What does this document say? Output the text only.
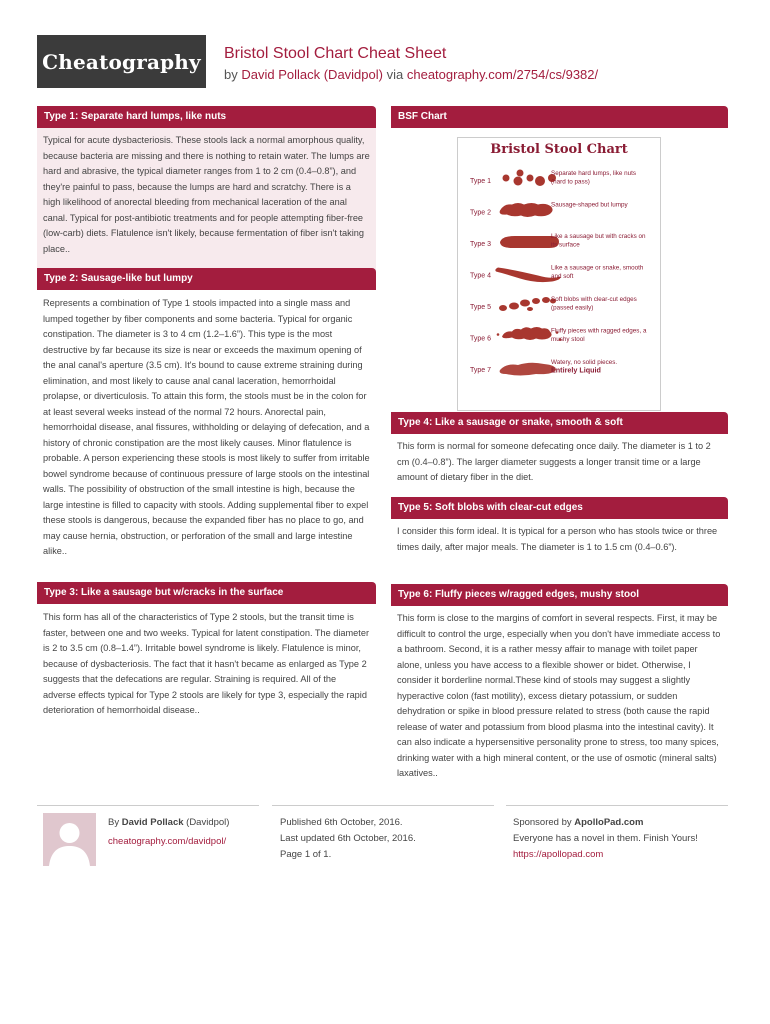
Cheatography	Bristol Stool Chart Cheat Sheet
by David Pollack (Davidpol) via cheatography.com/2754/cs/9382/
Type 1: Separate hard lumps, like nuts
Typical for acute dysbacteriosis. These stools lack a normal amorphous quality, because bacteria are missing and there is nothing to retain water. The lumps are hard and abrasive, the typical diameter ranges from 1 to 2 cm (0.4–0.8”), and they're painful to pass, because the lumps are hard and scratchy. There is a high likelihood of anorectal bleeding from mechanical laceration of the anal canal. Typical for post-antibiotic treatments and for people attempting fiber-free (low-carb) diets. Flatulence isn't likely, because fermentation of fiber isn't taking place..
Type 2: Sausage-like but lumpy
Represents a combination of Type 1 stools impacted into a single mass and lumped together by fiber components and some bacteria. Typical for organic constipation. The diameter is 3 to 4 cm (1.2–1.6”). This type is the most destructive by far because its size is near or exceeds the maximum opening of the anal canal's aperture (3.5 cm). It's bound to cause extreme straining during elimination, and most likely to cause anal canal laceration, hemorrhoidal prolapse, or diverticulosis. To attain this form, the stools must be in the colon for at least several weeks instead of the normal 72 hours. Anorectal pain, hemorrhoidal disease, anal fissures, withholding or delaying of defecation, and a history of chronic constipation are the most likely causes. Minor flatulence is probable. A person experiencing these stools is most likely to suffer from irritable bowel syndrome because of continuous pressure of large stools on the intestinal walls. The possibility of obstruction of the small intestine is high, because the large intestine is filled to capacity with stools. Adding supplemental fiber to expel these stools is dangerous, because the expanded fiber has no place to go, and may cause hernia, obstruction, or perforation of the small and large intestine alike..
Type 3: Like a sausage but w/cracks in the surface
This form has all of the characteristics of Type 2 stools, but the transit time is faster, between one and two weeks. Typical for latent constipation. The diameter is 2 to 3.5 cm (0.8–1.4”). Irritable bowel syndrome is likely. Flatulence is minor, because of dysbacteriosis. The fact that it hasn't became as enlarged as Type 2 suggests that the defecations are regular. Straining is required. All of the adverse effects typical for Type 2 stools are likely for type 3, especially the rapid deterioration of hemorrhoidal disease..
BSF Chart
Bristol Stool Chart
Type 1
Separate hard lumps, like nuts
(hard to pass)
Type 2
Sausage-shaped but lumpy
Type 3
Like a sausage but with cracks on
its surface
Type 4
Like a sausage or snake, smooth
and soft
Type 5
Soft blobs with clear-cut edges
(passed easily)
Type 6
Fluffy pieces with ragged edges, a
mushy stool
Type 7
Watery, no solid pieces.
Entirely Liquid
Type 4: Like a sausage or snake, smooth & soft
This form is normal for someone defecating once daily. The diameter is 1 to 2 cm (0.4–0.8”). The larger diameter suggests a longer transit time or a large amount of dietary fiber in the diet.
Type 5: Soft blobs with clear-cut edges
I consider this form ideal. It is typical for a person who has stools twice or three times daily, after major meals. The diameter is 1 to 1.5 cm (0.4–0.6”).
Type 6: Fluffy pieces w/ragged edges, mushy stool
This form is close to the margins of comfort in several respects. First, it may be difficult to control the urge, especially when you don't have immediate access to a bathroom. Second, it is a rather messy affair to manage with toilet paper alone, unless you have access to a flexible shower or bidet. Otherwise, I consider it borderline normal.These kind of stools may suggest a slightly hyperactive colon (fast motility), excess dietary potassium, or sudden dehydration or spike in blood pressure related to stress (both cause the rapid release of water and potassium from blood plasma into the intestinal cavity). It can also indicate a hypersensitive personality prone to stress, too many spices, drinking water with a high mineral content, or the use of osmotic (mineral salts) laxatives..
By David Pollack (Davidpol)
cheatography.com/davidpol/
Published 6th October, 2016.
Last updated 6th October, 2016.
Page 1 of 1.
Sponsored by ApolloPad.com
Everyone has a novel in them. Finish Yours!
https://apollopad.com
